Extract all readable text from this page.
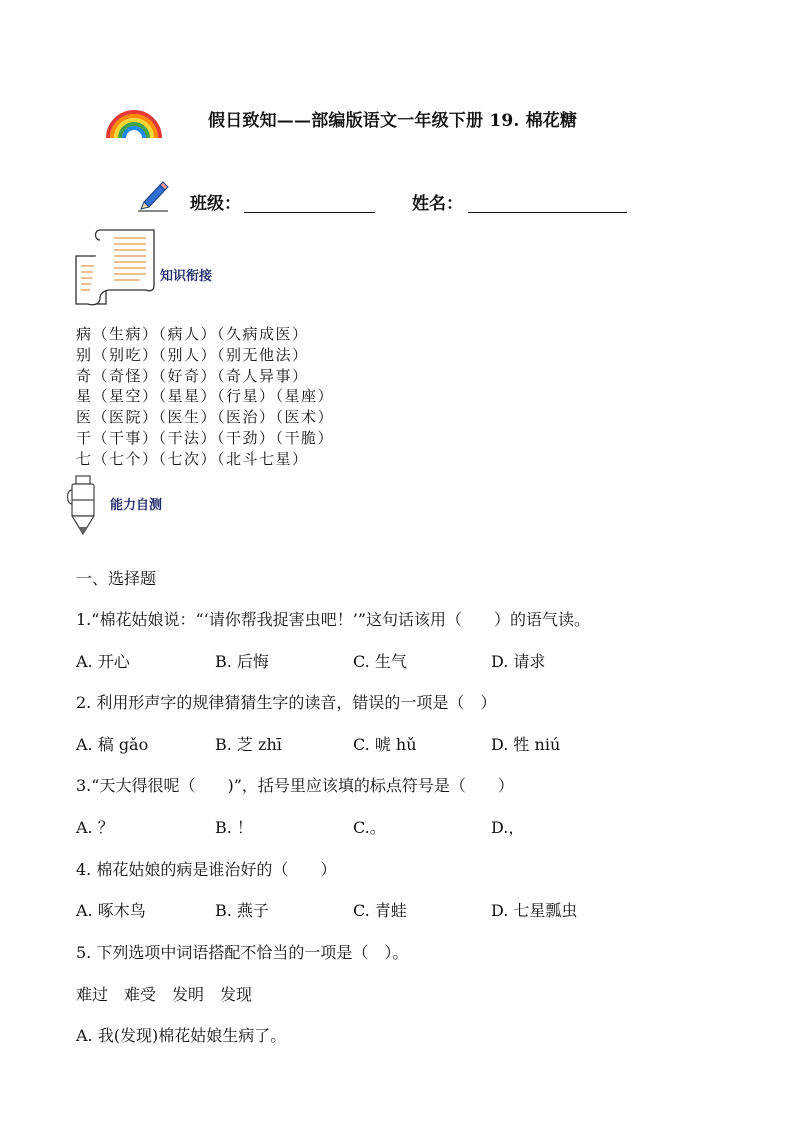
假日致知——部编版语文一年级下册 19. 棉花糖
班级：	姓名：
知识衔接
病（生病）（病人）（久病成医）
别（别吃）（别人）（别无他法）
奇（奇怪）（好奇）（奇人异事）
星（星空）（星星）（行星）（星座）
医（医院）（医生）（医治）（医术）
干（干事）（干法）（干劲）（干脆）
七（七个）（七次）（北斗七星）
能力自测
一、选择题
1.“棉花姑娘说：“‘请你帮我捉害虫吧！’”这句话该用（　　）的语气读。
A. 开心	B. 后悔	C. 生气	D. 请求
2. 利用形声字的规律猜猜生字的读音，错误的一项是（　）
A. 稿 gǎo	B. 芝 zhī	C. 唬 hǔ	D. 牲 niú
3.“天大得很呢（　　)”，括号里应该填的标点符号是（　　）
A. ？	B. ！	C.。	D.，
4. 棉花姑娘的病是谁治好的（　　）
A. 啄木鸟	B. 燕子	C. 青蛙	D. 七星瓢虫
5. 下列选项中词语搭配不恰当的一项是（　）。
难过　难受　发明　发现
A. 我(发现)棉花姑娘生病了。
